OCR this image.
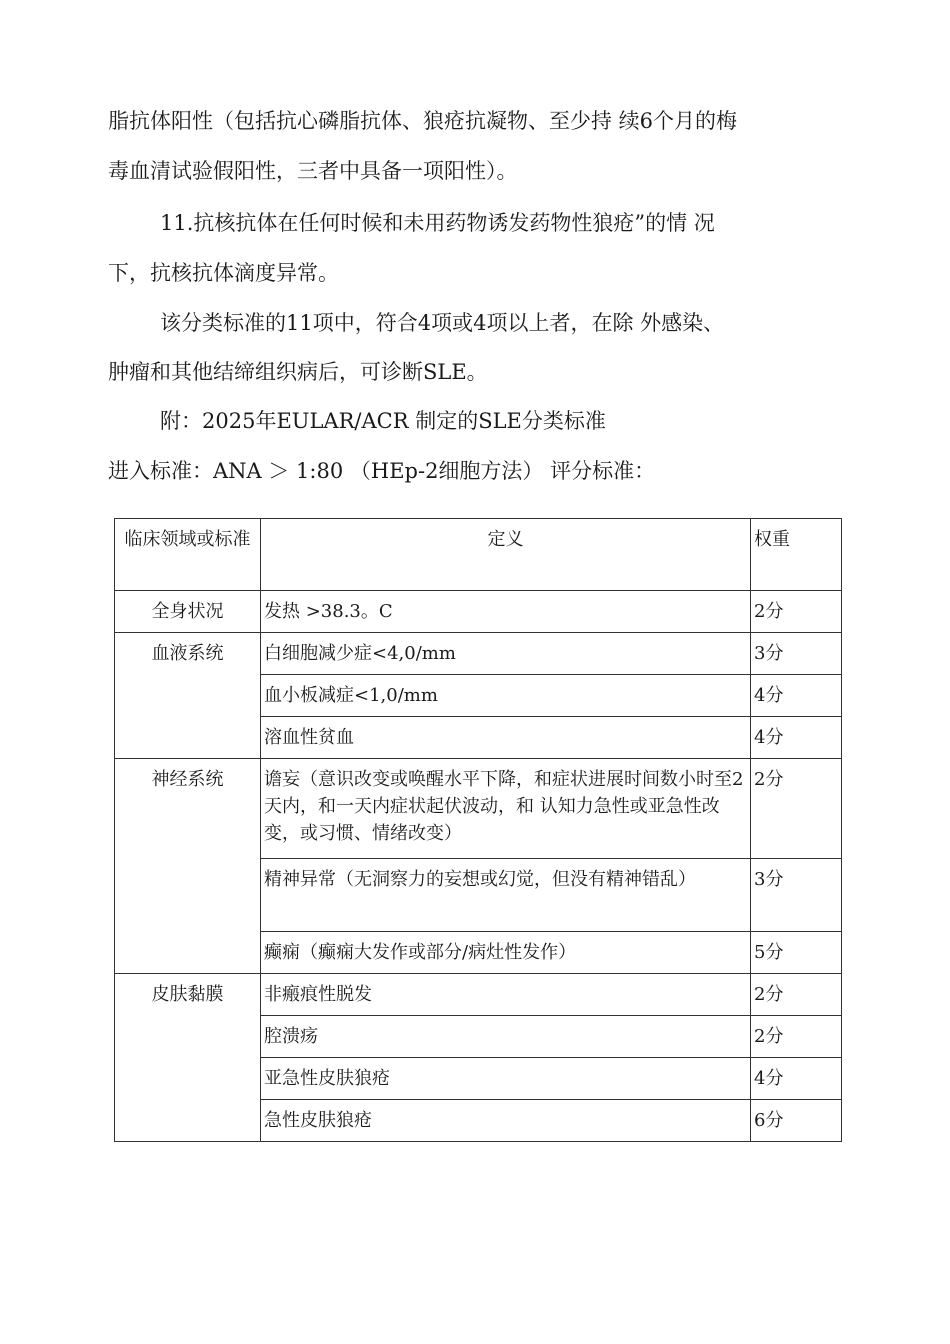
脂抗体阳性（包括抗心磷脂抗体、狼疮抗凝物、至少持 续6个月的梅
毒血清试验假阳性，三者中具备一项阳性）。
11.抗核抗体在任何时候和未用药物诱发药物性狼疮”的情 况
下，抗核抗体滴度异常。
该分类标准的11项中，符合4项或4项以上者，在除 外感染、
肿瘤和其他结缔组织病后，可诊断SLE。
附：2025年EULAR/ACR 制定的SLE分类标准
进入标准：ANA ＞ 1:80 （HEp-2细胞方法） 评分标准：
临床领域或标准	定义	权重
全身状况	发热 >38.3。C	2分
血液系统	白细胞减少症<4,0/mm	3分
	血小板减症<1,0/mm	4分
	溶血性贫血	4分
神经系统	谵妄（意识改变或唤醒水平下降，和症状进展时间数小时至2 天内，和一天内症状起伏波动，和 认知力急性或亚急性改变，或习惯、情绪改变）	2分
	精神异常（无洞察力的妄想或幻觉，但没有精神错乱）	3分
	癫痫（癫痫大发作或部分/病灶性发作）	5分
皮肤黏膜	非瘢痕性脱发	2分
	腔溃疡	2分
	亚急性皮肤狼疮	4分
	急性皮肤狼疮	6分
